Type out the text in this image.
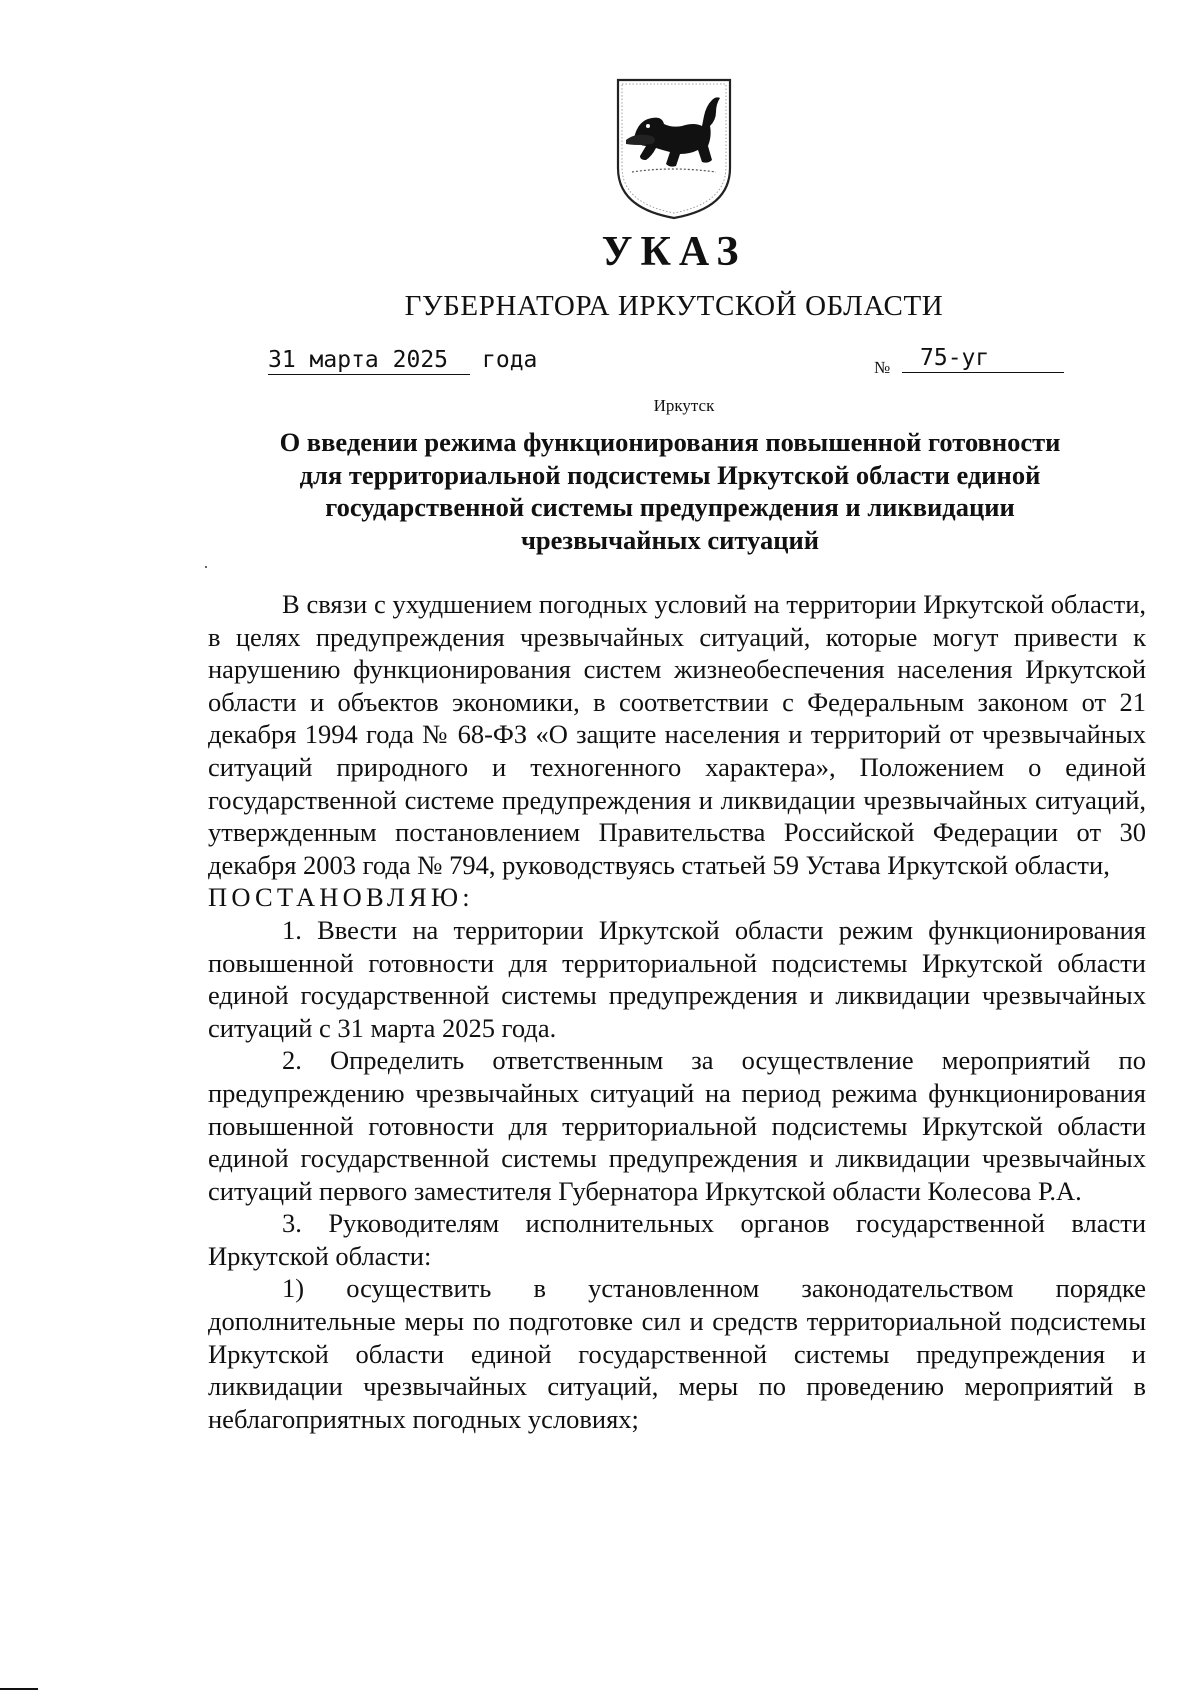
УКАЗ
ГУБЕРНАТОРА ИРКУТСКОЙ ОБЛАСТИ
31 марта 2025	года	№	75-уг
Иркутск
О введении режима функционирования повышенной готовности
для территориальной подсистемы Иркутской области единой
государственной системы предупреждения и ликвидации
чрезвычайных ситуаций

В связи с ухудшением погодных условий на территории Иркутской области, в целях предупреждения чрезвычайных ситуаций, которые могут привести к нарушению функционирования систем жизнеобеспечения населения Иркутской области и объектов экономики, в соответствии с Федеральным законом от 21 декабря 1994 года № 68-ФЗ «О защите населения и территорий от чрезвычайных ситуаций природного и техногенного характера», Положением о единой государственной системе предупреждения и ликвидации чрезвычайных ситуаций, утвержденным постановлением Правительства Российской Федерации от 30 декабря 2003 года № 794, руководствуясь статьей 59 Устава Иркутской области,

ПОСТАНОВЛЯЮ:

1. Ввести на территории Иркутской области режим функционирования повышенной готовности для территориальной подсистемы Иркутской области единой государственной системы предупреждения и ликвидации чрезвычайных ситуаций с 31 марта 2025 года.

2. Определить ответственным за осуществление мероприятий по предупреждению чрезвычайных ситуаций на период режима функционирования повышенной готовности для территориальной подсистемы Иркутской области единой государственной системы предупреждения и ликвидации чрезвычайных ситуаций первого заместителя Губернатора Иркутской области Колесова Р.А.

3. Руководителям исполнительных органов государственной власти Иркутской области:

1) осуществить в установленном законодательством порядке дополнительные меры по подготовке сил и средств территориальной подсистемы Иркутской области единой государственной системы предупреждения и ликвидации чрезвычайных ситуаций, меры по проведению мероприятий в неблагоприятных погодных условиях;
